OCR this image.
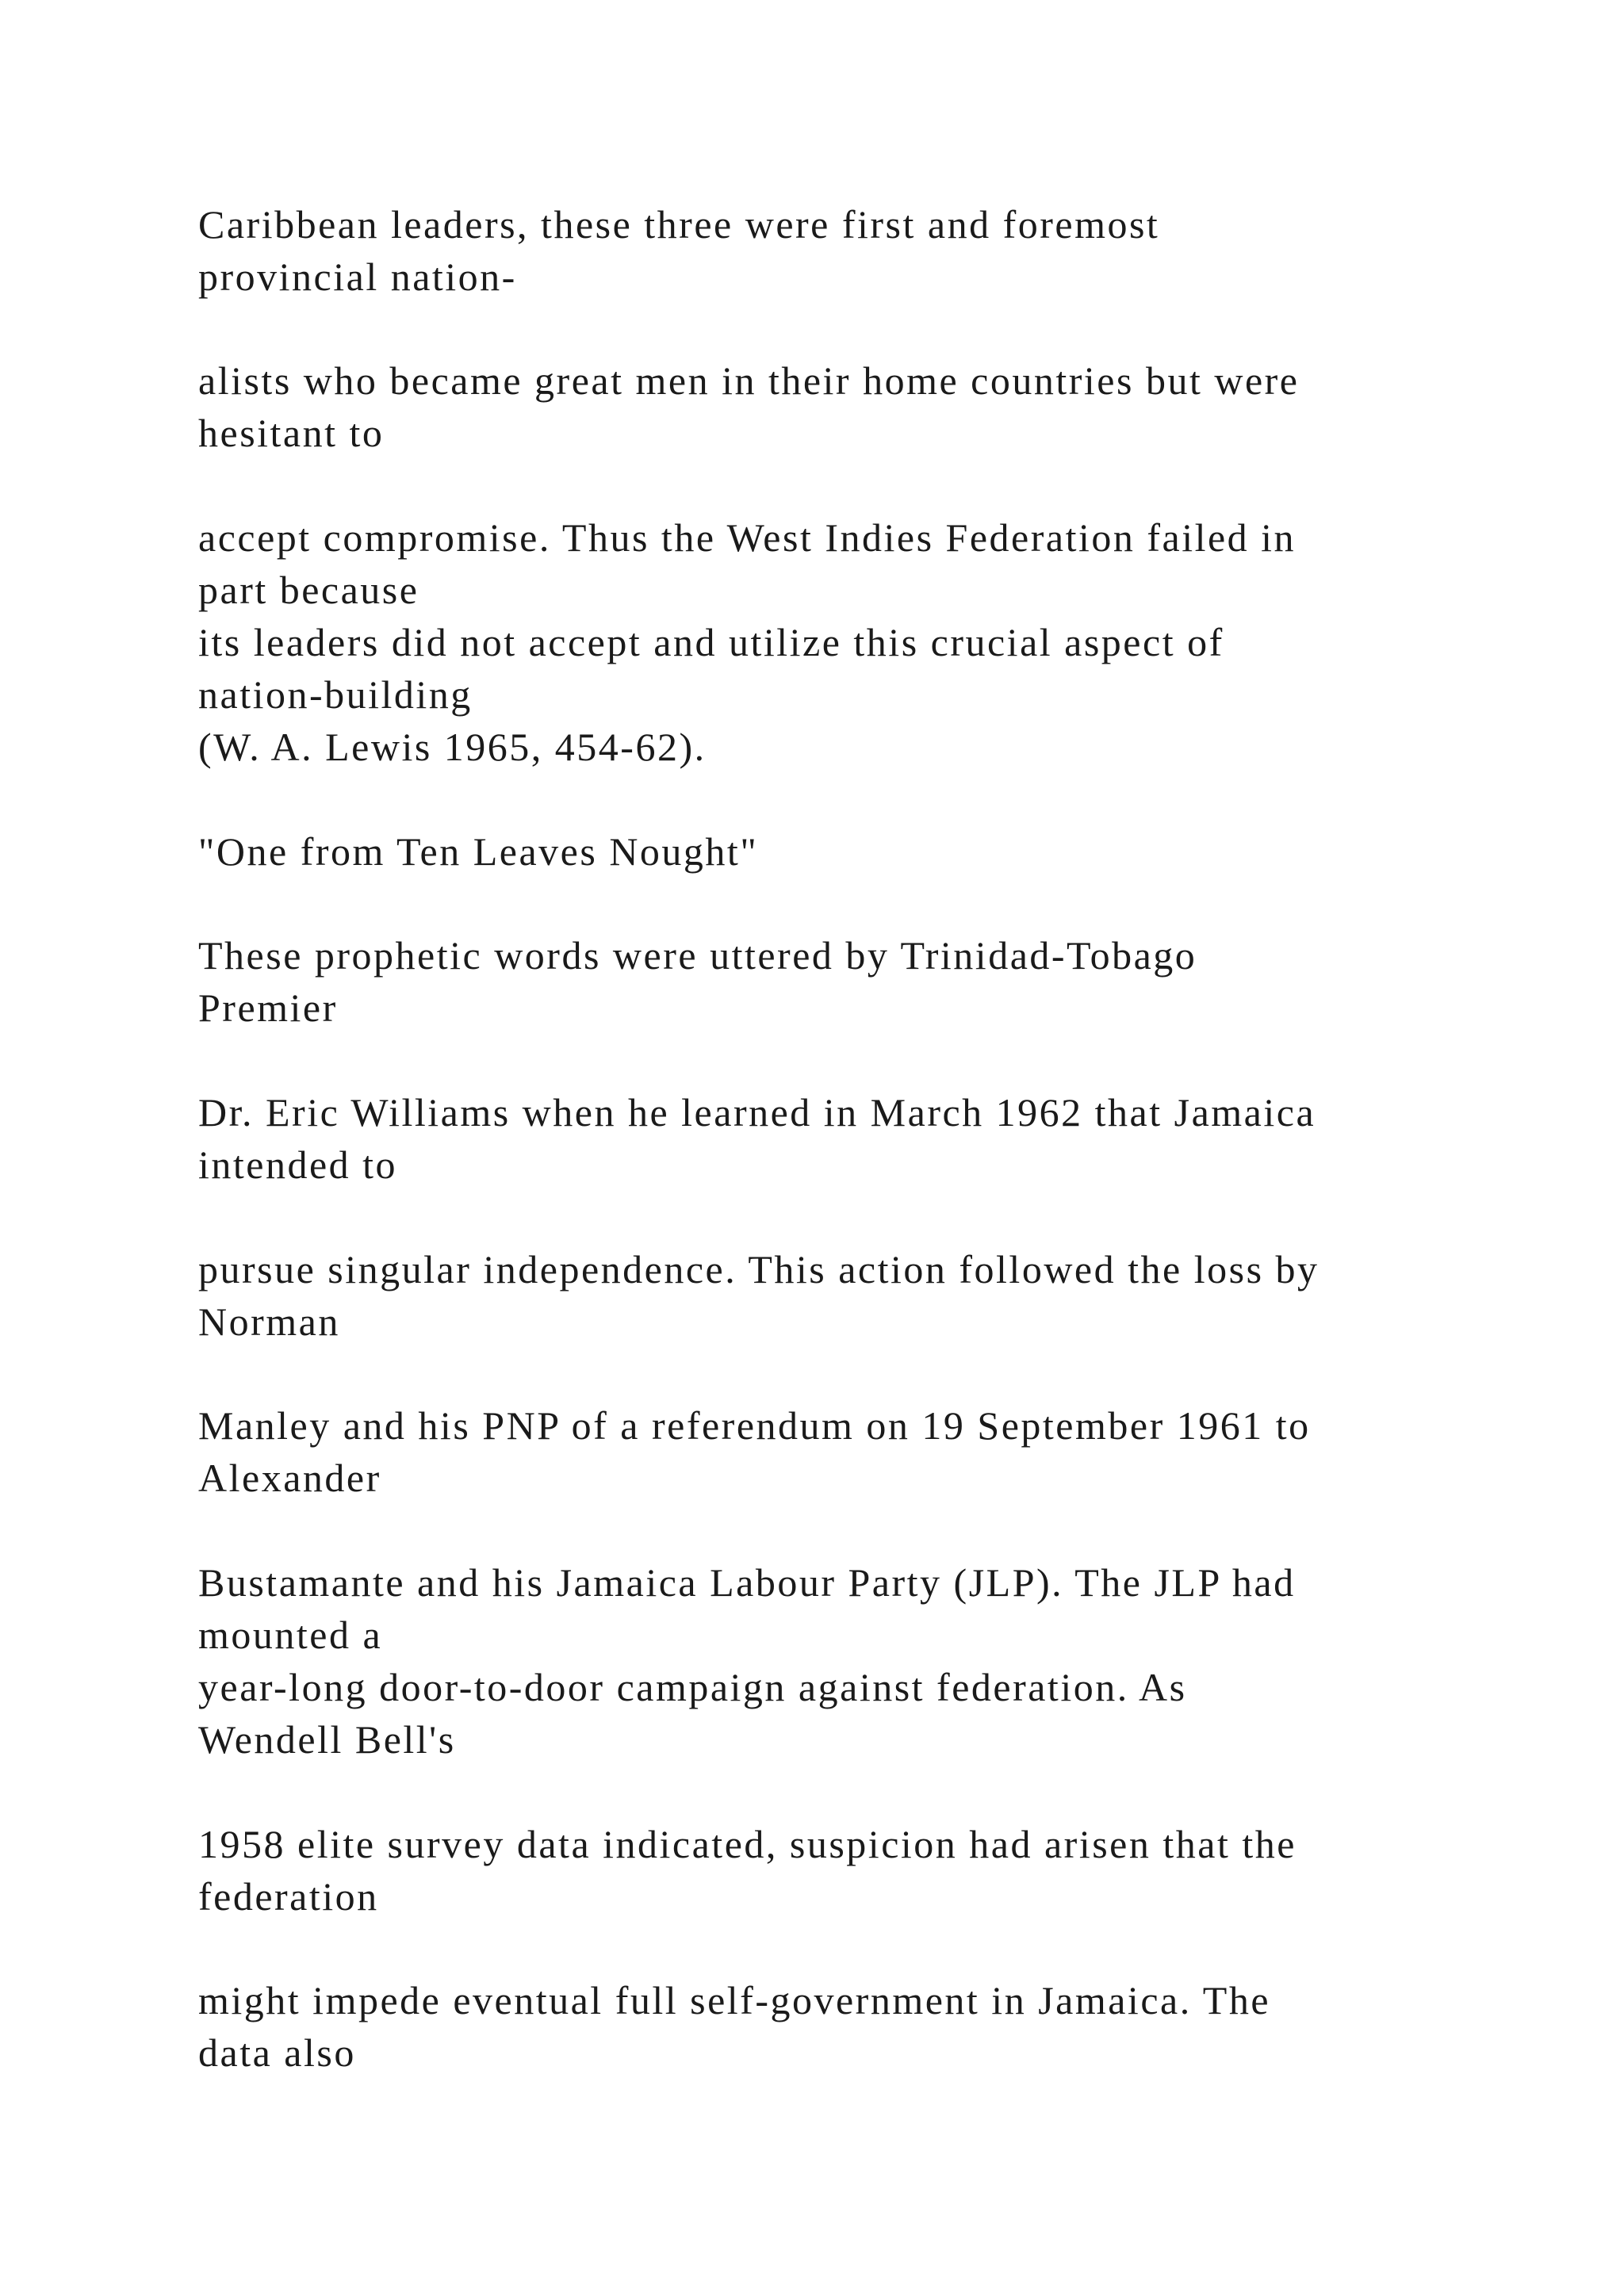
Caribbean leaders, these three were first and foremost

provincial nation-

alists who became great men in their home countries but were

hesitant to

accept compromise. Thus the West Indies Federation failed in

part because

its leaders did not accept and utilize this crucial aspect of

nation-building

(W. A. Lewis 1965, 454-62).

"One from Ten Leaves Nought"

These prophetic words were uttered by Trinidad-Tobago

Premier

Dr. Eric Williams when he learned in March 1962 that Jamaica

intended to

pursue singular independence. This action followed the loss by

Norman

Manley and his PNP of a referendum on 19 September 1961 to

Alexander

Bustamante and his Jamaica Labour Party (JLP). The JLP had

mounted a

year-long door-to-door campaign against federation. As

Wendell Bell's

1958 elite survey data indicated, suspicion had arisen that the

federation

might impede eventual full self-government in Jamaica. The

data also
